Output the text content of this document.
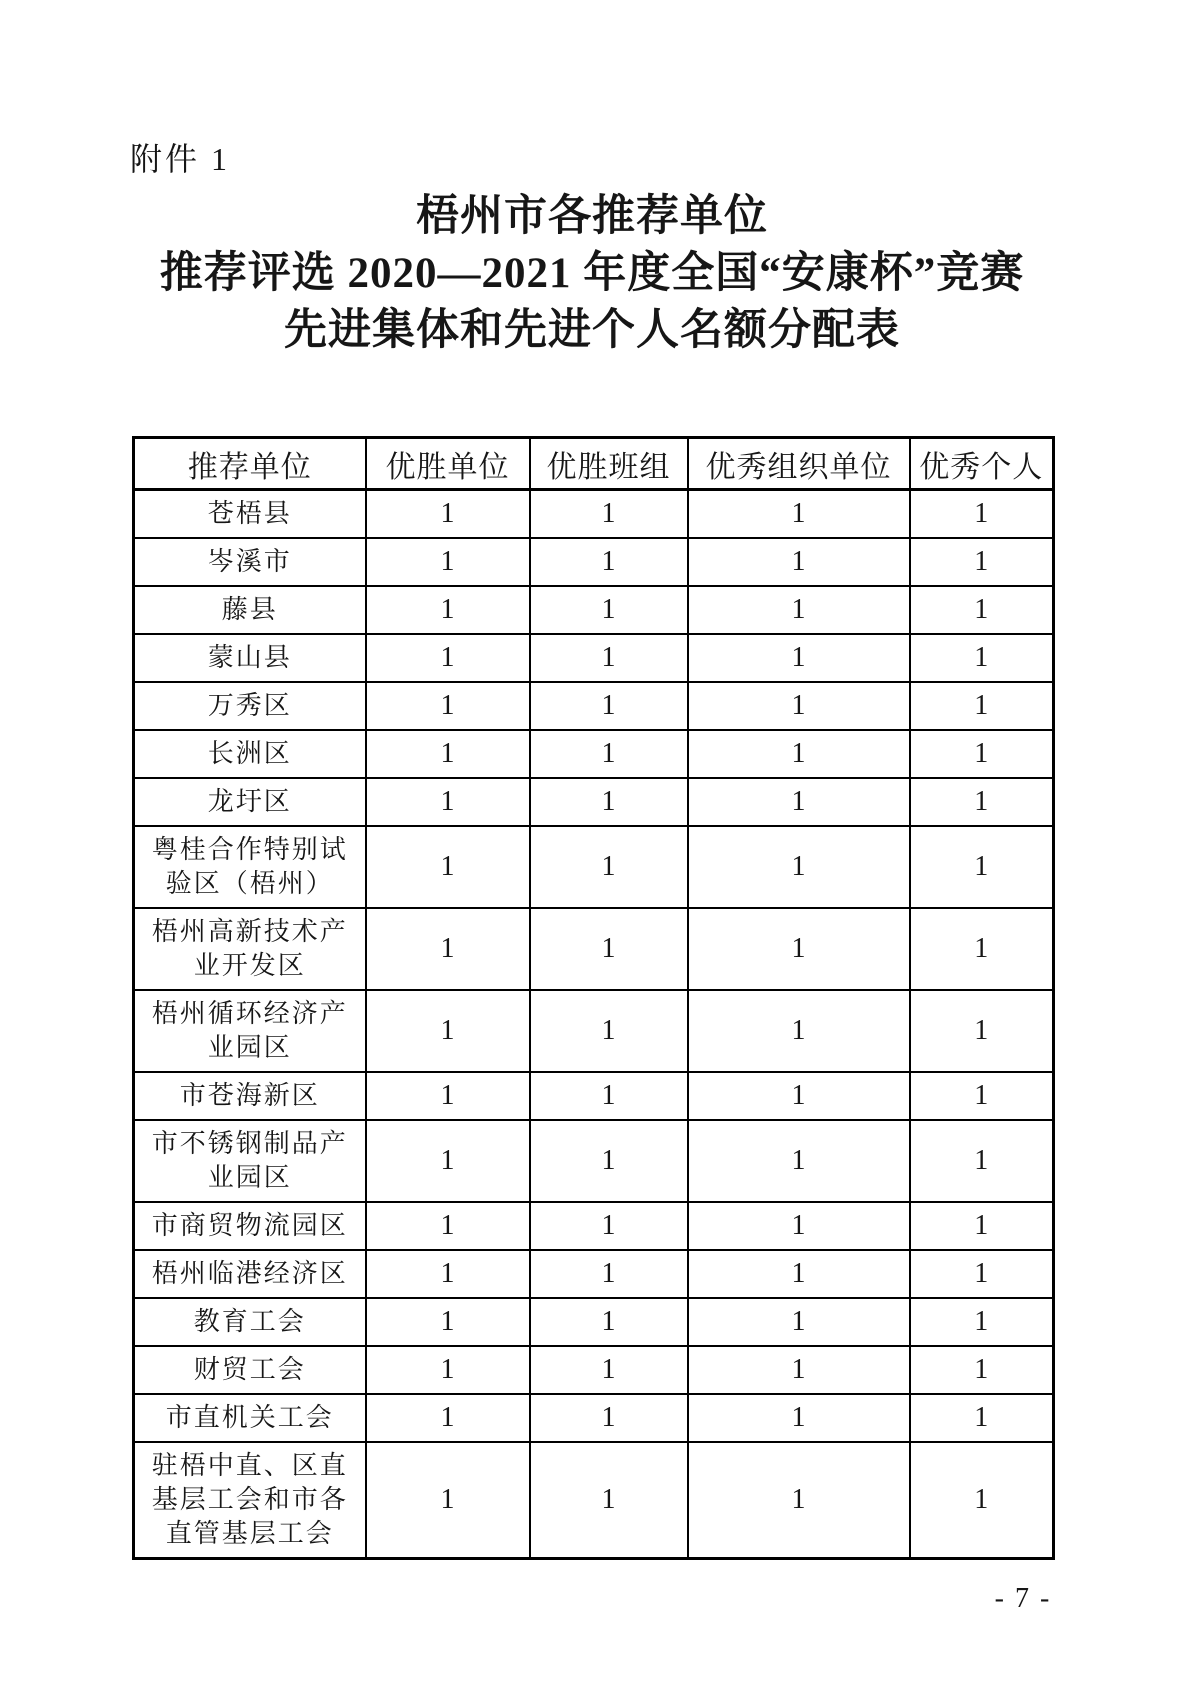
附件 1
梧州市各推荐单位
推荐评选 2020—2021 年度全国“安康杯”竞赛
先进集体和先进个人名额分配表
推荐单位	优胜单位	优胜班组	优秀组织单位	优秀个人
苍梧县	1	1	1	1
岑溪市	1	1	1	1
藤县	1	1	1	1
蒙山县	1	1	1	1
万秀区	1	1	1	1
长洲区	1	1	1	1
龙圩区	1	1	1	1
粤桂合作特别试验区（梧州）	1	1	1	1
梧州高新技术产业开发区	1	1	1	1
梧州循环经济产业园区	1	1	1	1
市苍海新区	1	1	1	1
市不锈钢制品产业园区	1	1	1	1
市商贸物流园区	1	1	1	1
梧州临港经济区	1	1	1	1
教育工会	1	1	1	1
财贸工会	1	1	1	1
市直机关工会	1	1	1	1
驻梧中直、区直基层工会和市各直管基层工会	1	1	1	1
- 7 -
